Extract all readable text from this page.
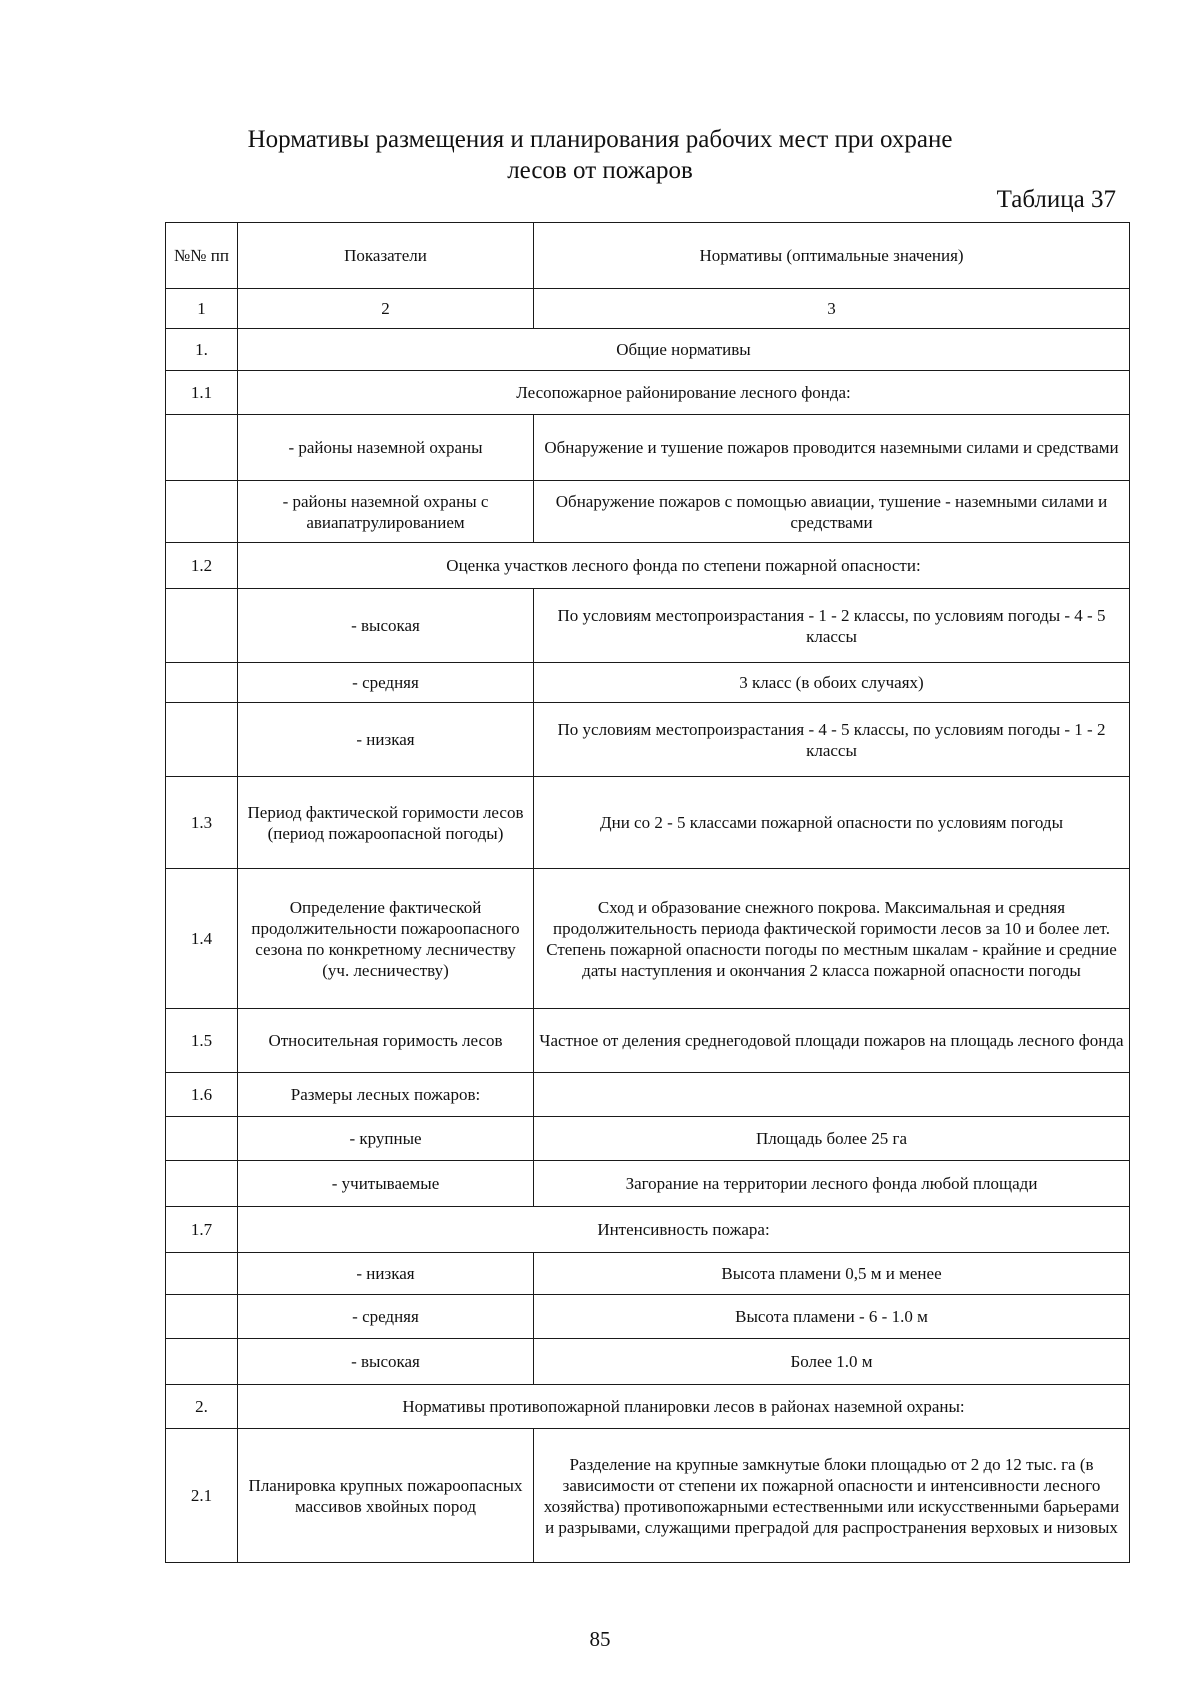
Нормативы размещения и планирования рабочих мест при охране
лесов от пожаров
Таблица 37
№№ пп	Показатели	Нормативы (оптимальные значения)
1	2	3
1.	Общие нормативы	
1.1	Лесопожарное районирование лесного фонда:	
	- районы наземной охраны	Обнаружение и тушение пожаров проводится наземными силами и средствами
	- районы наземной охраны с авиапатрулированием	Обнаружение пожаров с помощью авиации, тушение - наземными силами и средствами
1.2	Оценка участков лесного фонда по степени пожарной опасности:	
	- высокая	По условиям местопроизрастания - 1 - 2 классы, по условиям погоды - 4 - 5 классы
	- средняя	3 класс (в обоих случаях)
	- низкая	По условиям местопроизрастания - 4 - 5 классы, по условиям погоды - 1 - 2 классы
1.3	Период фактической горимости лесов (период пожароопасной погоды)	Дни со 2 - 5 классами пожарной опасности по условиям погоды
1.4	Определение фактической продолжительности пожароопасного сезона по конкретному лесничеству (уч. лесничеству)	Сход и образование снежного покрова. Максимальная и средняя продолжительность периода фактической горимости лесов за 10 и более лет. Степень пожарной опасности погоды по местным шкалам - крайние и средние даты наступления и окончания 2 класса пожарной опасности погоды
1.5	Относительная горимость лесов	Частное от деления среднегодовой площади пожаров на площадь лесного фонда
1.6	Размеры лесных пожаров:	
	- крупные	Площадь более 25 га
	- учитываемые	Загорание на территории лесного фонда любой площади
1.7	Интенсивность пожара:	
	- низкая	Высота пламени 0,5 м и менее
	- средняя	Высота пламени - 6 - 1.0 м
	- высокая	Более 1.0 м
2.	Нормативы противопожарной планировки лесов в районах наземной охраны:	
2.1	Планировка крупных пожароопасных массивов хвойных пород	Разделение на крупные замкнутые блоки площадью от 2 до 12 тыс. га (в зависимости от степени их пожарной опасности и интенсивности лесного хозяйства) противопожарными естественными или искусственными барьерами и разрывами, служащими преградой для распространения верховых и низовых
85
